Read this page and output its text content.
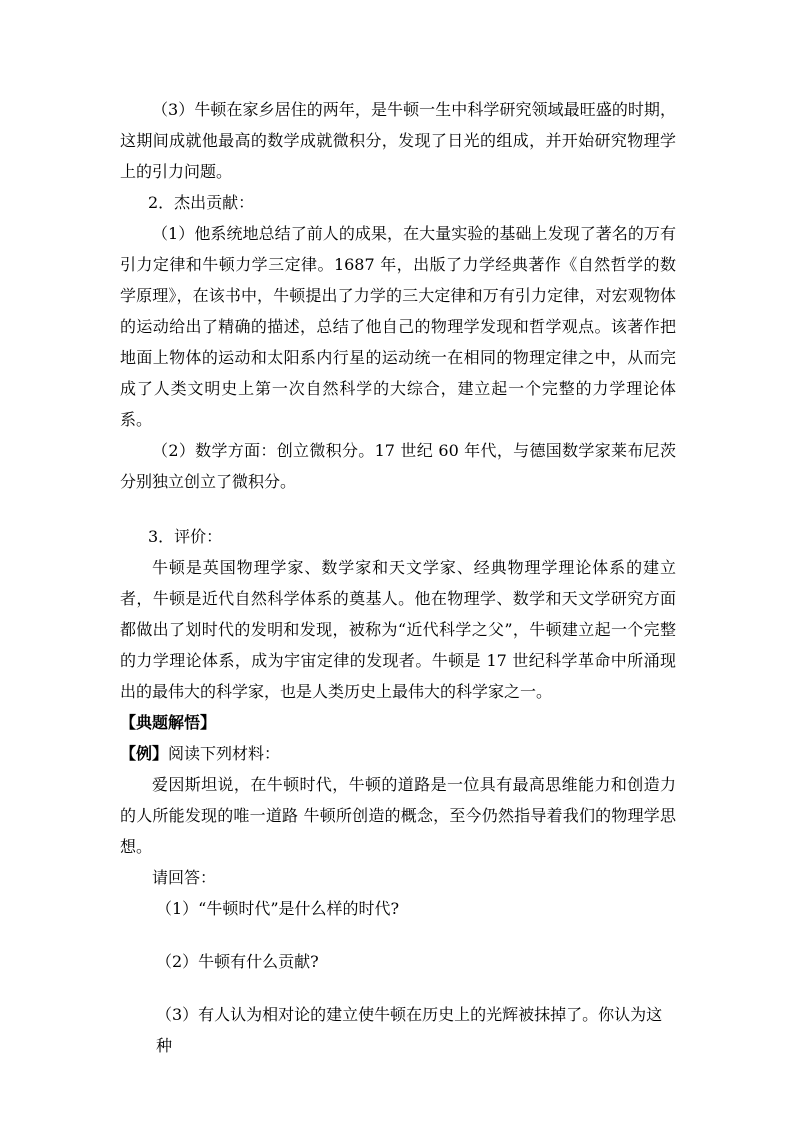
（3）牛顿在家乡居住的两年，是牛顿一生中科学研究领域最旺盛的时期，这期间成就他最高的数学成就微积分，发现了日光的组成，并开始研究物理学上的引力问题。

2．杰出贡献：

（1）他系统地总结了前人的成果，在大量实验的基础上发现了著名的万有引力定律和牛顿力学三定律。1687 年，出版了力学经典著作《自然哲学的数学原理》，在该书中，牛顿提出了力学的三大定律和万有引力定律，对宏观物体的运动给出了精确的描述，总结了他自己的物理学发现和哲学观点。该著作把地面上物体的运动和太阳系内行星的运动统一在相同的物理定律之中，从而完成了人类文明史上第一次自然科学的大综合，建立起一个完整的力学理论体系。

（2）数学方面：创立微积分。17 世纪 60 年代，与德国数学家莱布尼茨分别独立创立了微积分。

3．评价：

牛顿是英国物理学家、数学家和天文学家、经典物理学理论体系的建立者，牛顿是近代自然科学体系的奠基人。他在物理学、数学和天文学研究方面都做出了划时代的发明和发现，被称为“近代科学之父”，牛顿建立起一个完整的力学理论体系，成为宇宙定律的发现者。牛顿是 17 世纪科学革命中所涌现出的最伟大的科学家，也是人类历史上最伟大的科学家之一。

【典题解悟】

【例】阅读下列材料：

爱因斯坦说，在牛顿时代，牛顿的道路是一位具有最高思维能力和创造力的人所能发现的唯一道路 牛顿所创造的概念，至今仍然指导着我们的物理学思想。

请回答：

（1）“牛顿时代”是什么样的时代?

（2）牛顿有什么贡献?

（3）有人认为相对论的建立使牛顿在历史上的光辉被抹掉了。你认为这种
